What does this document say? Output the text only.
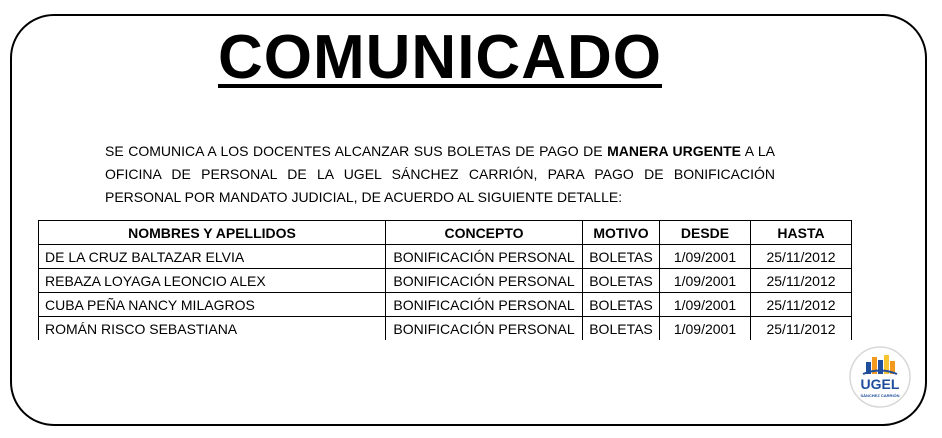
COMUNICADO
SE COMUNICA A LOS DOCENTES ALCANZAR SUS BOLETAS DE PAGO DE MANERA URGENTE A LA OFICINA DE PERSONAL DE LA UGEL SÁNCHEZ CARRIÓN, PARA PAGO DE BONIFICACIÓN PERSONAL POR MANDATO JUDICIAL, DE ACUERDO AL SIGUIENTE DETALLE:
NOMBRES Y APELLIDOS	CONCEPTO	MOTIVO	DESDE	HASTA
DE LA CRUZ BALTAZAR ELVIA	BONIFICACIÓN PERSONAL	BOLETAS	1/09/2001	25/11/2012
REBAZA LOYAGA LEONCIO ALEX	BONIFICACIÓN PERSONAL	BOLETAS	1/09/2001	25/11/2012
CUBA PEÑA NANCY MILAGROS	BONIFICACIÓN PERSONAL	BOLETAS	1/09/2001	25/11/2012
ROMÁN RISCO SEBASTIANA	BONIFICACIÓN PERSONAL	BOLETAS	1/09/2001	25/11/2012
UGEL
SÁNCHEZ CARRIÓN
